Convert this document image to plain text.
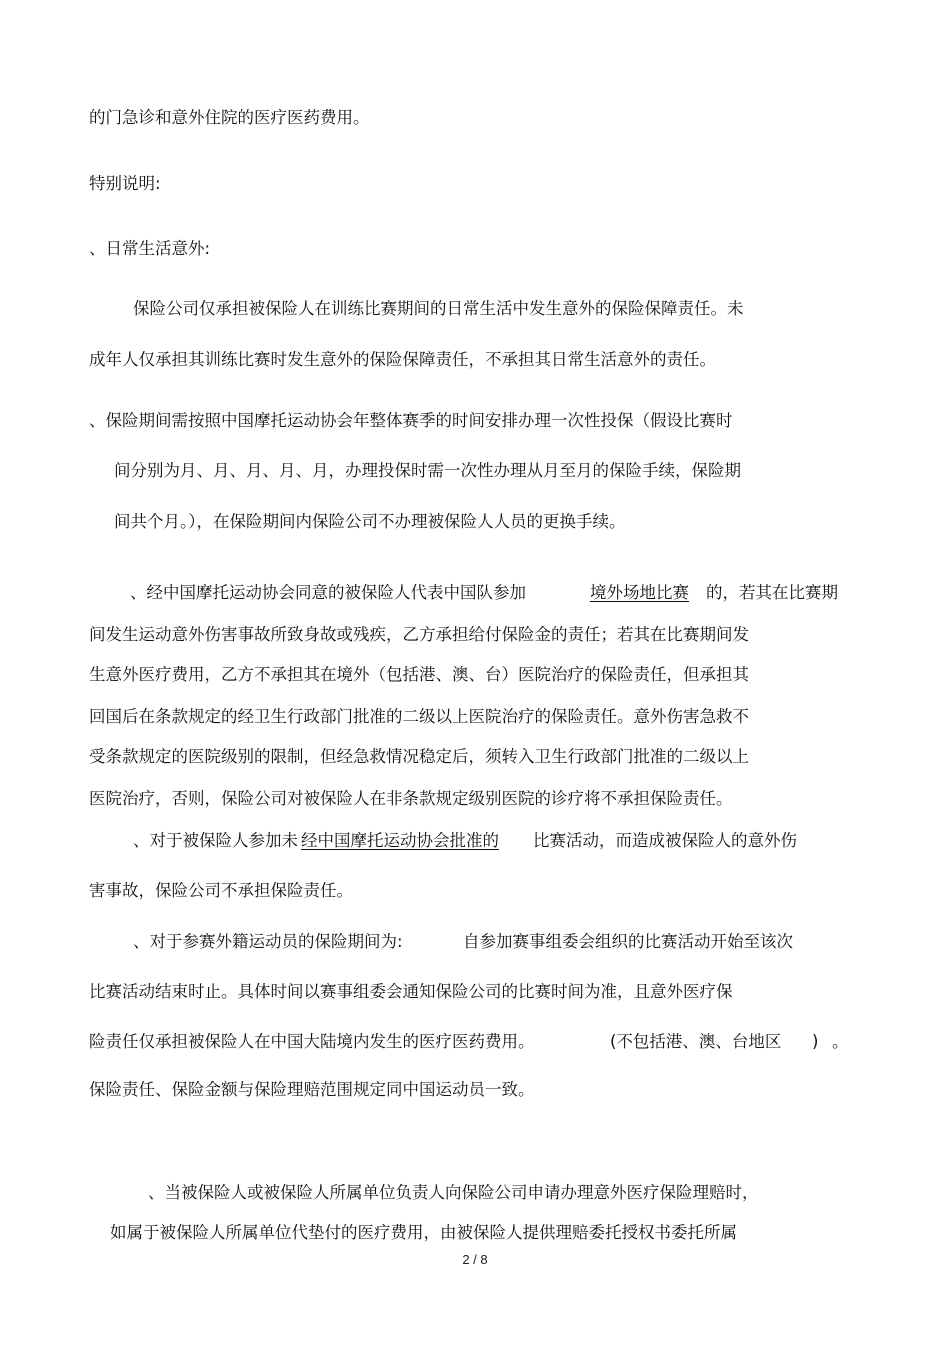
的门急诊和意外住院的医疗医药费用。
特别说明:
、日常生活意外:
保险公司仅承担被保险人在训练比赛期间的日常生活中发生意外的保险保障责任。未
成年人仅承担其训练比赛时发生意外的保险保障责任，不承担其日常生活意外的责任。
、保险期间需按照中国摩托运动协会年整体赛季的时间安排办理一次性投保（假设比赛时
间分别为月、月、月、月、月，办理投保时需一次性办理从月至月的保险手续，保险期
间共个月。），在保险期间内保险公司不办理被保险人人员的更换手续。
、经中国摩托运动协会同意的被保险人代表中国队参加	境外场地比赛 的，若其在比赛期
间发生运动意外伤害事故所致身故或残疾，乙方承担给付保险金的责任；若其在比赛期间发
生意外医疗费用，乙方不承担其在境外（包括港、澳、台）医院治疗的保险责任，但承担其
回国后在条款规定的经卫生行政部门批准的二级以上医院治疗的保险责任。意外伤害急救不
受条款规定的医院级别的限制，但经急救情况稳定后，须转入卫生行政部门批准的二级以上
医院治疗，否则，保险公司对被保险人在非条款规定级别医院的诊疗将不承担保险责任。
、对于被保险人参加未 经中国摩托运动协会批准的 比赛活动，而造成被保险人的意外伤
害事故，保险公司不承担保险责任。
、对于参赛外籍运动员的保险期间为:	自参加赛事组委会组织的比赛活动开始至该次
比赛活动结束时止。具体时间以赛事组委会通知保险公司的比赛时间为准，且意外医疗保
险责任仅承担被保险人在中国大陆境内发生的医疗医药费用。	(不包括港、澳、台地区 ) 。
保险责任、保险金额与保险理赔范围规定同中国运动员一致。
、当被保险人或被保险人所属单位负责人向保险公司申请办理意外医疗保险理赔时，
如属于被保险人所属单位代垫付的医疗费用，由被保险人提供理赔委托授权书委托所属
2 / 8
